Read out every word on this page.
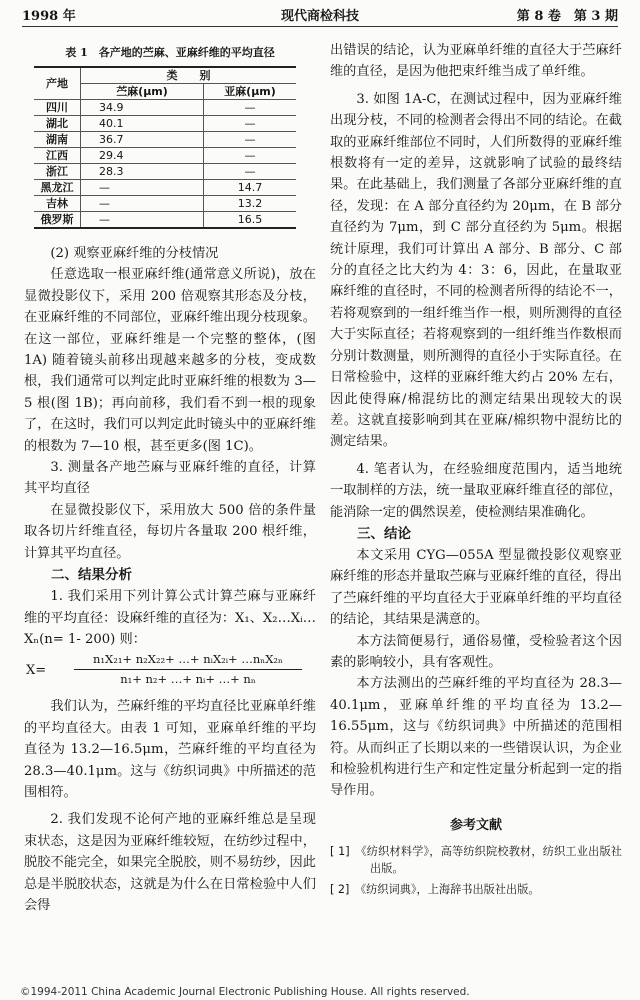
1998 年	现代商检科技	第 8 卷　第 3 期
表 1　各产地的苎麻、亚麻纤维的平均直径
产地	类　　别	
	苎麻(μm)	亚麻(μm)
四川	34.9	—
湖北	40.1	—
湖南	36.7	—
江西	29.4	—
浙江	28.3	—
黑龙江	—	14.7
吉林	—	13.2
俄罗斯	—	16.5

(2) 观察亚麻纤维的分枝情况

任意选取一根亚麻纤维(通常意义所说)，放在显微投影仪下，采用 200 倍观察其形态及分枝，在亚麻纤维的不同部位，亚麻纤维出现分枝现象。在这一部位，亚麻纤维是一个完整的整体，(图 1A) 随着镜头前移出现越来越多的分枝，变成数根，我们通常可以判定此时亚麻纤维的根数为 3—5 根(图 1B)；再向前移，我们看不到一根的现象了，在这时，我们可以判定此时镜头中的亚麻纤维的根数为 7—10 根，甚至更多(图 1C)。

3. 测量各产地苎麻与亚麻纤维的直径，计算其平均直径

在显微投影仪下，采用放大 500 倍的条件量取各切片纤维直径，每切片各量取 200 根纤维，计算其平均直径。

二、结果分析

1. 我们采用下列计算公式计算苎麻与亚麻纤维的平均直径：设麻纤维的直径为：X₁、X₂…Xᵢ…Xₙ(n= 1- 200) 则：

X=
n₁X₂₁+ n₂X₂₂+ …+ nᵢX₂ᵢ+ …nₙX₂ₙ
n₁+ n₂+ …+ nᵢ+ …+ nₙ

我们认为，苎麻纤维的平均直径比亚麻单纤维的平均直径大。由表 1 可知，亚麻单纤维的平均直径为 13.2—16.5μm，苎麻纤维的平均直径为 28.3—40.1μm。这与《纺织词典》中所描述的范围相符。

2. 我们发现不论何产地的亚麻纤维总是呈现束状态，这是因为亚麻纤维较短，在纺纱过程中，脱胶不能完全，如果完全脱胶，则不易纺纱，因此总是半脱胶状态，这就是为什么在日常检验中人们会得

出错误的结论，认为亚麻单纤维的直径大于苎麻纤维的直径，是因为他把束纤维当成了单纤维。

3. 如图 1A-C，在测试过程中，因为亚麻纤维出现分枝，不同的检测者会得出不同的结论。在截取的亚麻纤维部位不同时，人们所数得的亚麻纤维根数将有一定的差异，这就影响了试验的最终结果。在此基础上，我们测量了各部分亚麻纤维的直径，发现：在 A 部分直径约为 20μm，在 B 部分直径约为 7μm，到 C 部分直径约为 5μm。根据统计原理，我们可计算出 A 部分、B 部分、C 部分的直径之比大约为 4：3：6，因此，在量取亚麻纤维的直径时，不同的检测者所得的结论不一，若将观察到的一组纤维当作一根，则所测得的直径大于实际直径；若将观察到的一组纤维当作数根而分别计数测量，则所测得的直径小于实际直径。在日常检验中，这样的亚麻纤维大约占 20% 左右，因此使得麻/棉混纺比的测定结果出现较大的误差。这就直接影响到其在亚麻/棉织物中混纺比的测定结果。

4. 笔者认为，在经验细度范围内，适当地统一取制样的方法，统一量取亚麻纤维直径的部位，能消除一定的偶然误差，使检测结果准确化。

三、结论

本文采用 CYG—055A 型显微投影仪观察亚麻纤维的形态并量取苎麻与亚麻纤维的直径，得出了苎麻纤维的平均直径大于亚麻单纤维的平均直径的结论，其结果是满意的。

本方法简便易行，通俗易懂，受检验者这个因素的影响较小，具有客观性。

本方法测出的苎麻纤维的平均直径为 28.3—40.1μm，亚麻单纤维的平均直径为 13.2—16.55μm，这与《纺织词典》中所描述的范围相符。从而纠正了长期以来的一些错误认识，为企业和检验机构进行生产和定性定量分析起到一定的指导作用。

参考文献

[ 1]　《纺织材料学》，高等纺织院校教材，纺织工业出版社出版。

[ 2]　《纺织词典》，上海辞书出版社出版。

©1994-2011 China Academic Journal Electronic Publishing House. All rights reserved.
